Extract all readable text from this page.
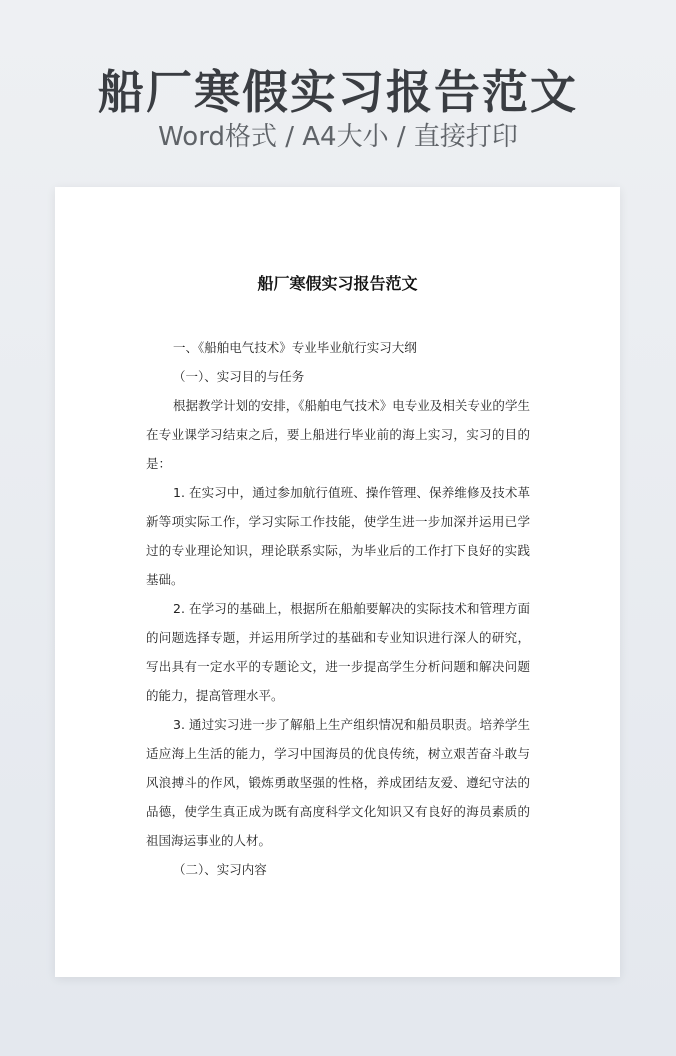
船厂寒假实习报告范文
Word格式 / A4大小 / 直接打印
船厂寒假实习报告范文

一、《船舶电气技术》专业毕业航行实习大纲

（一）、实习目的与任务

根据教学计划的安排，《船舶电气技术》电专业及相关专业的学生在专业课学习结束之后，要上船进行毕业前的海上实习，实习的目的是：

1. 在实习中，通过参加航行值班、操作管理、保养维修及技术革新等项实际工作，学习实际工作技能，使学生进一步加深并运用已学过的专业理论知识，理论联系实际，为毕业后的工作打下良好的实践基础。

2. 在学习的基础上，根据所在船舶要解决的实际技术和管理方面的问题选择专题，并运用所学过的基础和专业知识进行深人的研究，写出具有一定水平的专题论文，进一步提高学生分析问题和解决问题的能力，提高管理水平。

3. 通过实习进一步了解船上生产组织情况和船员职责。培养学生适应海上生活的能力，学习中国海员的优良传统，树立艰苦奋斗敢与风浪搏斗的作风，锻炼勇敢坚强的性格，养成团结友爱、遵纪守法的品德，使学生真正成为既有高度科学文化知识又有良好的海员素质的祖国海运事业的人材。

（二）、实习内容
